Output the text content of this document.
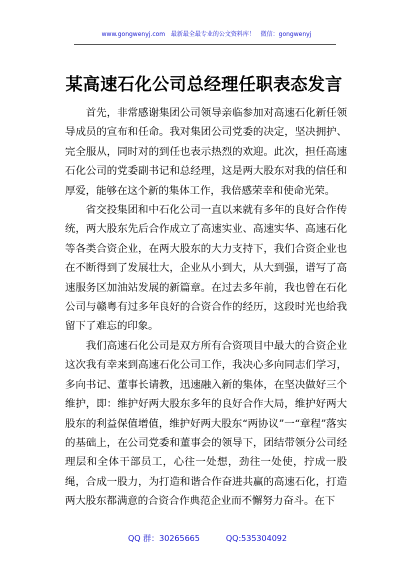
www.gongwenyj.com 最新最全最专业的公文资料库！ 微信：gongwenyj
某高速石化公司总经理任职表态发言

首先，非常感谢集团公司领导亲临参加对高速石化新任领导成员的宣布和任命。我对集团公司党委的决定，坚决拥护、完全服从，同时对的到任也表示热烈的欢迎。此次，担任高速石化公司的党委副书记和总经理，这是两大股东对我的信任和厚爱，能够在这个新的集体工作，我倍感荣幸和使命光荣。

省交投集团和中石化公司一直以来就有多年的良好合作传统，两大股东先后合作成立了高速实业、高速实华、高速石化等各类合资企业，在两大股东的大力支持下，我们合资企业也在不断得到了发展壮大，企业从小到大，从大到强，谱写了高速服务区加油站发展的新篇章。在过去多年前，我也曾在石化公司与赣粤有过多年良好的合资合作的经历，这段时光也给我留下了难忘的印象。

我们高速石化公司是双方所有合资项目中最大的合资企业这次我有幸来到高速石化公司工作，我决心多向同志们学习，多向书记、董事长请教，迅速融入新的集体，在坚决做好三个维护，即：维护好两大股东多年的良好合作大局，维护好两大股东的利益保值增值，维护好两大股东“两协议”一“章程”落实的基础上，在公司党委和董事会的领导下，团结带领分公司经理层和全体干部员工，心往一处想，劲往一处使，拧成一股绳，合成一股力，为打造和谐合作奋进共赢的高速石化，打造两大股东都满意的合资合作典范企业而不懈努力奋斗。在下

QQ 群：30265665	QQ:535304092
